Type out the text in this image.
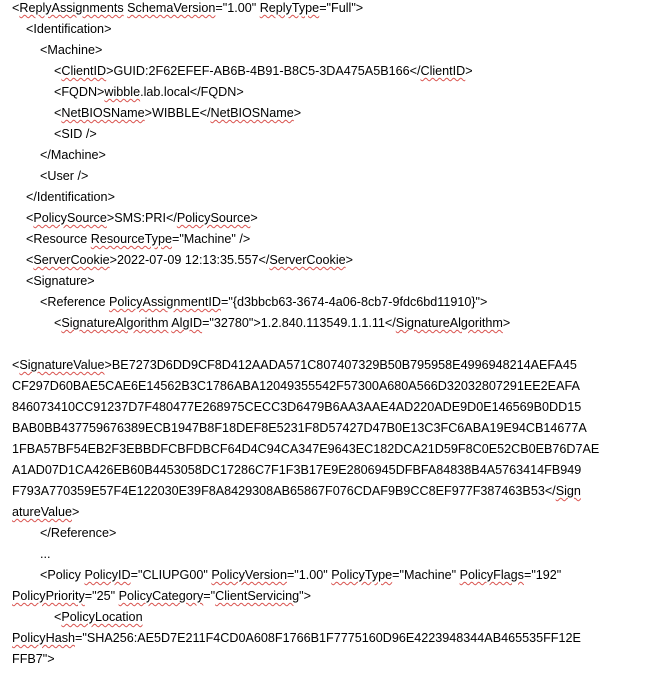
<ReplyAssignments SchemaVersion="1.00" ReplyType="Full">
<Identification>
<Machine>
<ClientID>GUID:2F62EFEF-AB6B-4B91-B8C5-3DA475A5B166</ClientID>
<FQDN>wibble.lab.local</FQDN>
<NetBIOSName>WIBBLE</NetBIOSName>
<SID />
</Machine>
<User />
</Identification>
<PolicySource>SMS:PRI</PolicySource>
<Resource ResourceType="Machine" />
<ServerCookie>2022-07-09 12:13:35.557</ServerCookie>
<Signature>
<Reference PolicyAssignmentID="{d3bbcb63-3674-4a06-8cb7-9fdc6bd11910}">
<SignatureAlgorithm AlgID="32780">1.2.840.113549.1.1.11</SignatureAlgorithm>
<SignatureValue>BE7273D6DD9CF8D412AADA571C807407329B50B795958E4996948214AEFA45
CF297D60BAE5CAE6E14562B3C1786ABA12049355542F57300A680A566D32032807291EE2EAFA
846073410CC91237D7F480477E268975CECC3D6479B6AA3AAE4AD220ADE9D0E146569B0DD15
BAB0BB437759676389ECB1947B8F18DEF8E5231F8D57427D47B0E13C3FC6ABA19E94CB14677A
1FBA57BF54EB2F3EBBDFCBFDBCF64D4C94CA347E9643EC182DCA21D59F8C0E52CB0EB76D7AE
A1AD07D1CA426EB60B4453058DC17286C7F1F3B17E9E2806945DFBFA84838B4A5763414FB949
F793A770359E57F4E122030E39F8A8429308AB65867F076CDAF9B9CC8EF977F387463B53</Sign
atureValue>
</Reference>
...
<Policy PolicyID="CLIUPG00" PolicyVersion="1.00" PolicyType="Machine" PolicyFlags="192"
PolicyPriority="25" PolicyCategory="ClientServicing">
<PolicyLocation
PolicyHash="SHA256:AE5D7E211F4CD0A608F1766B1F7775160D96E4223948344AB465535FF12E
FFB7">
